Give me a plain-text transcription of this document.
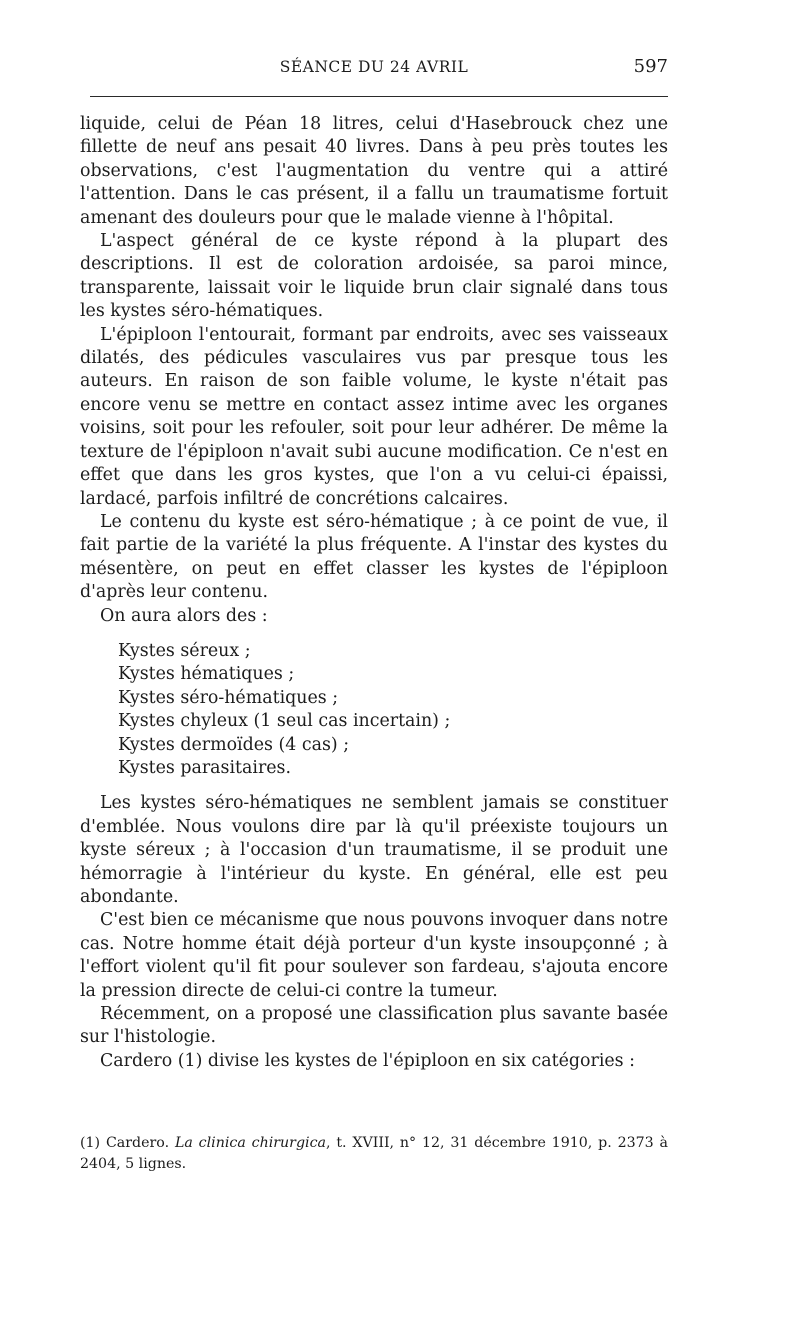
SÉANCE DU 24 AVRIL	597

liquide, celui de Péan 18 litres, celui d'Hasebrouck chez une fillette de neuf ans pesait 40 livres. Dans à peu près toutes les observations, c'est l'augmentation du ventre qui a attiré l'attention. Dans le cas présent, il a fallu un traumatisme fortuit amenant des douleurs pour que le malade vienne à l'hôpital.

L'aspect général de ce kyste répond à la plupart des descriptions. Il est de coloration ardoisée, sa paroi mince, transparente, laissait voir le liquide brun clair signalé dans tous les kystes séro-hématiques.

L'épiploon l'entourait, formant par endroits, avec ses vaisseaux dilatés, des pédicules vasculaires vus par presque tous les auteurs. En raison de son faible volume, le kyste n'était pas encore venu se mettre en contact assez intime avec les organes voisins, soit pour les refouler, soit pour leur adhérer. De même la texture de l'épiploon n'avait subi aucune modification. Ce n'est en effet que dans les gros kystes, que l'on a vu celui-ci épaissi, lardacé, parfois infiltré de concrétions calcaires.

Le contenu du kyste est séro-hématique ; à ce point de vue, il fait partie de la variété la plus fréquente. A l'instar des kystes du mésentère, on peut en effet classer les kystes de l'épiploon d'après leur contenu.

On aura alors des :

Kystes séreux ;
Kystes hématiques ;
Kystes séro-hématiques ;
Kystes chyleux (1 seul cas incertain) ;
Kystes dermoïdes (4 cas) ;
Kystes parasitaires.

Les kystes séro-hématiques ne semblent jamais se constituer d'emblée. Nous voulons dire par là qu'il préexiste toujours un kyste séreux ; à l'occasion d'un traumatisme, il se produit une hémorragie à l'intérieur du kyste. En général, elle est peu abondante.

C'est bien ce mécanisme que nous pouvons invoquer dans notre cas. Notre homme était déjà porteur d'un kyste insoupçonné ; à l'effort violent qu'il fit pour soulever son fardeau, s'ajouta encore la pression directe de celui-ci contre la tumeur.

Récemment, on a proposé une classification plus savante basée sur l'histologie.

Cardero (1) divise les kystes de l'épiploon en six catégories :

(1) Cardero. La clinica chirurgica, t. XVIII, n° 12, 31 décembre 1910, p. 2373 à 2404, 5 lignes.
